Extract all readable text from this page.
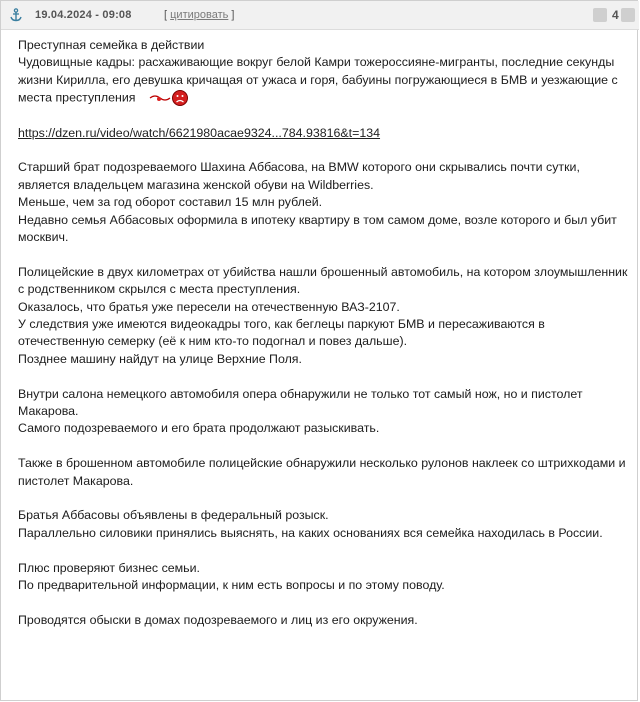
19.04.2024 - 09:08	[ цитировать ]	4

Преступная семейка в действии

Чудовищные кадры: расхаживающие вокруг белой Камри тожероссияне-мигранты, последние секунды жизни Кирилла, его девушка кричащая от ужаса и горя, бабуины погружающиеся в БМВ и уезжающие с места преступления

https://dzen.ru/video/watch/6621980acae9324...784.93816&t=134

Старший брат подозреваемого Шахина Аббасова, на BMW которого они скрывались почти сутки, является владельцем магазина женской обуви на Wildberries.

Меньше, чем за год оборот составил 15 млн рублей.

Недавно семья Аббасовых оформила в ипотеку квартиру в том самом доме, возле которого и был убит москвич.

Полицейские в двух километрах от убийства нашли брошенный автомобиль, на котором злоумышленник с родственником скрылся с места преступления.

Оказалось, что братья уже пересели на отечественную ВАЗ-2107.

У следствия уже имеются видеокадры того, как беглецы паркуют БМВ и пересаживаются в отечественную семерку (её к ним кто-то подогнал и повез дальше).

Позднее машину найдут на улице Верхние Поля.

Внутри салона немецкого автомобиля опера обнаружили не только тот самый нож, но и пистолет Макарова.

Самого подозреваемого и его брата продолжают разыскивать.

Также в брошенном автомобиле полицейские обнаружили несколько рулонов наклеек со штрихкодами и пистолет Макарова.

Братья Аббасовы объявлены в федеральный розыск.

Параллельно силовики принялись выяснять, на каких основаниях вся семейка находилась в России.

Плюс проверяют бизнес семьи.

По предварительной информации, к ним есть вопросы и по этому поводу.

Проводятся обыски в домах подозреваемого и лиц из его окружения.
